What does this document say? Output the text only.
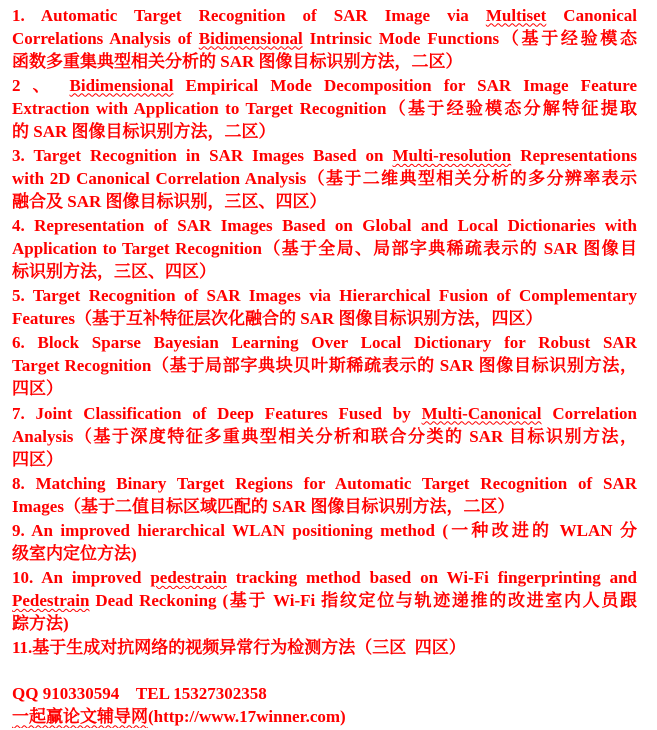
1. Automatic Target Recognition of SAR Image via Multiset Canonical
Correlations Analysis of Bidimensional Intrinsic Mode Functions（基于经验模态
函数多重集典型相关分析的 SAR 图像目标识别方法，二区）
2 、 Bidimensional Empirical Mode Decomposition for SAR Image Feature
Extraction with Application to Target Recognition（基于经验模态分解特征提取
的 SAR 图像目标识别方法，二区）
3. Target Recognition in SAR Images Based on Multi-resolution Representations
with 2D Canonical Correlation Analysis（基于二维典型相关分析的多分辨率表示
融合及 SAR 图像目标识别，三区、四区）
4. Representation of SAR Images Based on Global and Local Dictionaries with
Application to Target Recognition（基于全局、局部字典稀疏表示的 SAR 图像目
标识别方法，三区、四区）
5. Target Recognition of SAR Images via Hierarchical Fusion of Complementary
Features（基于互补特征层次化融合的 SAR 图像目标识别方法，四区）
6. Block Sparse Bayesian Learning Over Local Dictionary for Robust SAR
Target Recognition（基于局部字典块贝叶斯稀疏表示的 SAR 图像目标识别方法，
四区）
7. Joint Classification of Deep Features Fused by Multi-Canonical Correlation
Analysis（基于深度特征多重典型相关分析和联合分类的 SAR 目标识别方法，
四区）
8. Matching Binary Target Regions for Automatic Target Recognition of SAR
Images（基于二值目标区域匹配的 SAR 图像目标识别方法，二区）
9. An improved hierarchical WLAN positioning method (一种改进的 WLAN 分
级室内定位方法)
10. An improved pedestrain tracking method based on Wi-Fi fingerprinting and
Pedestrain Dead Reckoning (基于 Wi-Fi 指纹定位与轨迹递推的改进室内人员跟
踪方法)
11.基于生成对抗网络的视频异常行为检测方法（三区  四区）
QQ 910330594    TEL 15327302358
一起赢论文辅导网(http://www.17winner.com)
